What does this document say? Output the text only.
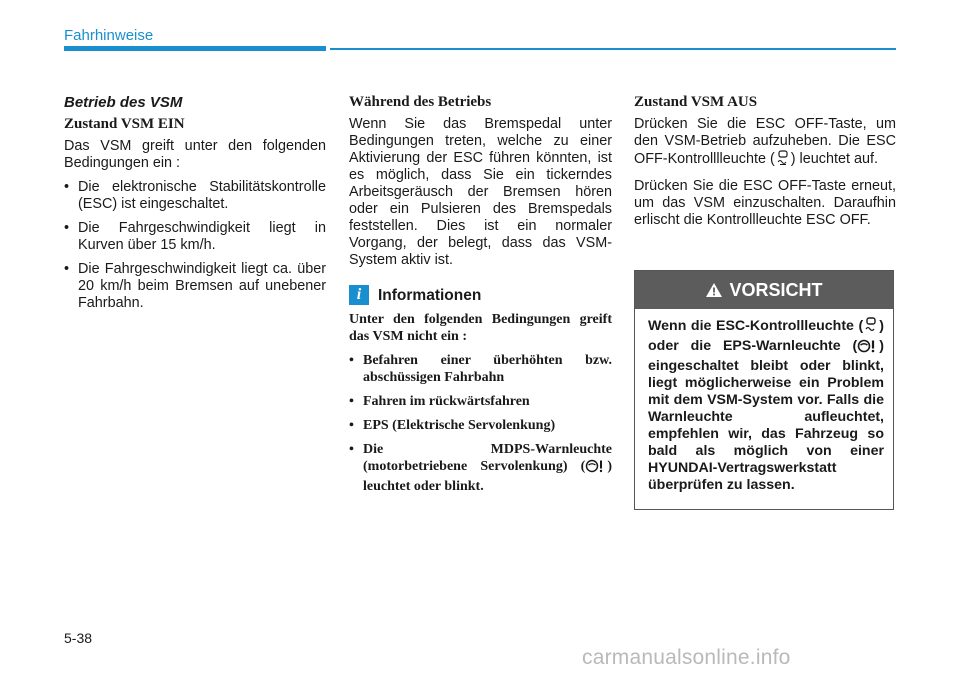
Fahrhinweise
Betrieb des VSM
Zustand VSM EIN

Das VSM greift unter den folgenden Bedingungen ein :

• Die elektronische Stabilitätskontrolle (ESC) ist eingeschaltet.
• Die Fahrgeschwindigkeit liegt in Kurven über 15 km/h.
• Die Fahrgeschwindigkeit liegt ca. über 20 km/h beim Bremsen auf unebener Fahrbahn.
Während des Betriebs

Wenn Sie das Bremspedal unter Bedingungen treten, welche zu einer Aktivierung der ESC führen könnten, ist es möglich, dass Sie ein tickerndes Arbeitsgeräusch der Bremsen hören oder ein Pulsieren des Bremspedals feststellen. Dies ist ein normaler Vorgang, der belegt, dass das VSM-System aktiv ist.

i	Informationen

Unter den folgenden Bedingungen greift das VSM nicht ein :

• Befahren einer überhöhten bzw. abschüssigen Fahrbahn
• Fahren im rückwärtsfahren
• EPS (Elektrische Servolenkung)
• Die MDPS-Warnleuchte (motorbetriebene Servolenkung) ( ) leuchtet oder blinkt.
Zustand VSM AUS

Drücken Sie die ESC OFF-Taste, um den VSM-Betrieb aufzuheben. Die ESC OFF-Kontrolllleuchte ( ) leuchtet auf.

Drücken Sie die ESC OFF-Taste erneut, um das VSM einzuschalten. Daraufhin erlischt die Kontrollleuchte ESC OFF.

VORSICHT
Wenn die ESC-Kontrollleuchte ( ) oder die EPS-Warnleuchte ( ) eingeschaltet bleibt oder blinkt, liegt möglicherweise ein Problem mit dem VSM-System vor. Falls die Warnleuchte aufleuchtet, empfehlen wir, das Fahrzeug so bald als möglich von einer HYUNDAI-Vertragswerkstatt überprüfen zu lassen.
5-38
carmanualsonline.info
